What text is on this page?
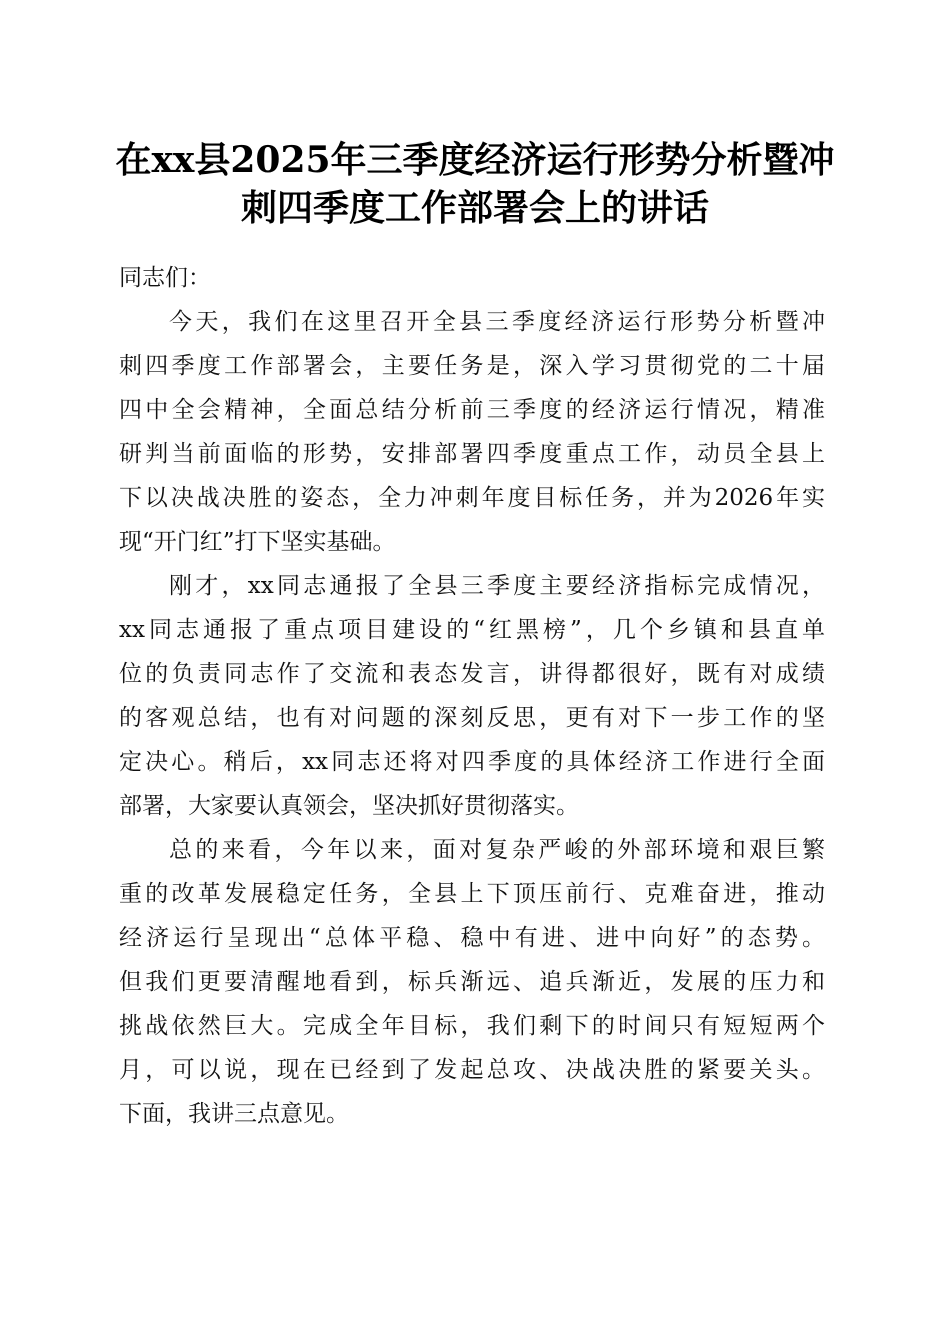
在xx县2025年三季度经济运行形势分析暨冲
刺四季度工作部署会上的讲话

同志们：

今天，我们在这里召开全县三季度经济运行形势分析暨冲
刺四季度工作部署会，主要任务是，深入学习贯彻党的二十届
四中全会精神，全面总结分析前三季度的经济运行情况，精准
研判当前面临的形势，安排部署四季度重点工作，动员全县上
下以决战决胜的姿态，全力冲刺年度目标任务，并为2026年实
现“开门红”打下坚实基础。

刚才，xx同志通报了全县三季度主要经济指标完成情况，
xx同志通报了重点项目建设的“红黑榜”，几个乡镇和县直单
位的负责同志作了交流和表态发言，讲得都很好，既有对成绩
的客观总结，也有对问题的深刻反思，更有对下一步工作的坚
定决心。稍后，xx同志还将对四季度的具体经济工作进行全面
部署，大家要认真领会，坚决抓好贯彻落实。

总的来看，今年以来，面对复杂严峻的外部环境和艰巨繁
重的改革发展稳定任务，全县上下顶压前行、克难奋进，推动
经济运行呈现出“总体平稳、稳中有进、进中向好”的态势。
但我们更要清醒地看到，标兵渐远、追兵渐近，发展的压力和
挑战依然巨大。完成全年目标，我们剩下的时间只有短短两个
月，可以说，现在已经到了发起总攻、决战决胜的紧要关头。
下面，我讲三点意见。
